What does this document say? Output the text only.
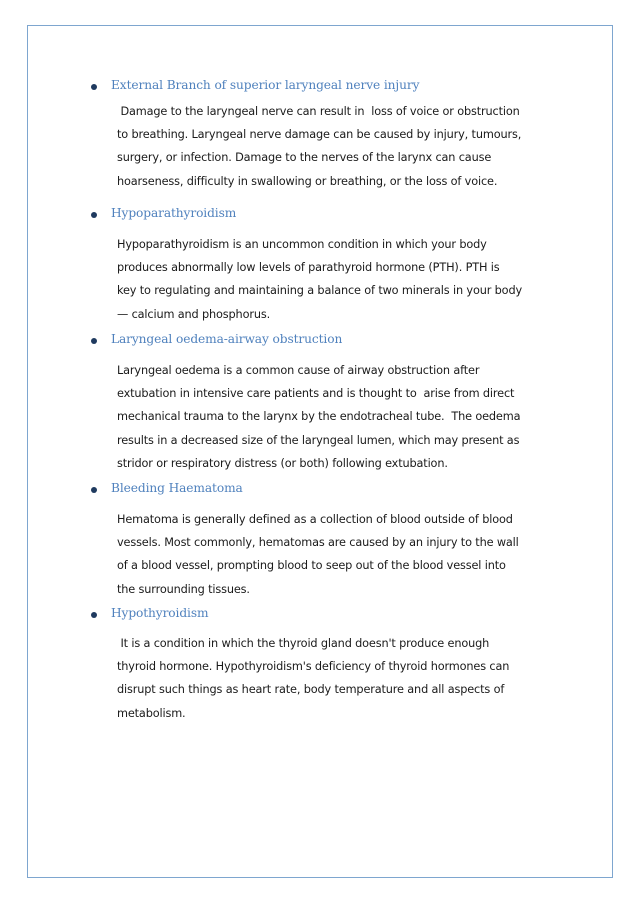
External Branch of superior laryngeal nerve injury
Damage to the laryngeal nerve can result in  loss of voice or obstruction
to breathing. Laryngeal nerve damage can be caused by injury, tumours,
surgery, or infection. Damage to the nerves of the larynx can cause
hoarseness, difficulty in swallowing or breathing, or the loss of voice.
Hypoparathyroidism
Hypoparathyroidism is an uncommon condition in which your body
produces abnormally low levels of parathyroid hormone (PTH). PTH is
key to regulating and maintaining a balance of two minerals in your body
— calcium and phosphorus.
Laryngeal oedema-airway obstruction
Laryngeal oedema is a common cause of airway obstruction after
extubation in intensive care patients and is thought to  arise from direct
mechanical trauma to the larynx by the endotracheal tube.  The oedema
results in a decreased size of the laryngeal lumen, which may present as
stridor or respiratory distress (or both) following extubation.
Bleeding Haematoma
Hematoma is generally defined as a collection of blood outside of blood
vessels. Most commonly, hematomas are caused by an injury to the wall
of a blood vessel, prompting blood to seep out of the blood vessel into
the surrounding tissues.
Hypothyroidism
It is a condition in which the thyroid gland doesn't produce enough
thyroid hormone. Hypothyroidism's deficiency of thyroid hormones can
disrupt such things as heart rate, body temperature and all aspects of
metabolism.
